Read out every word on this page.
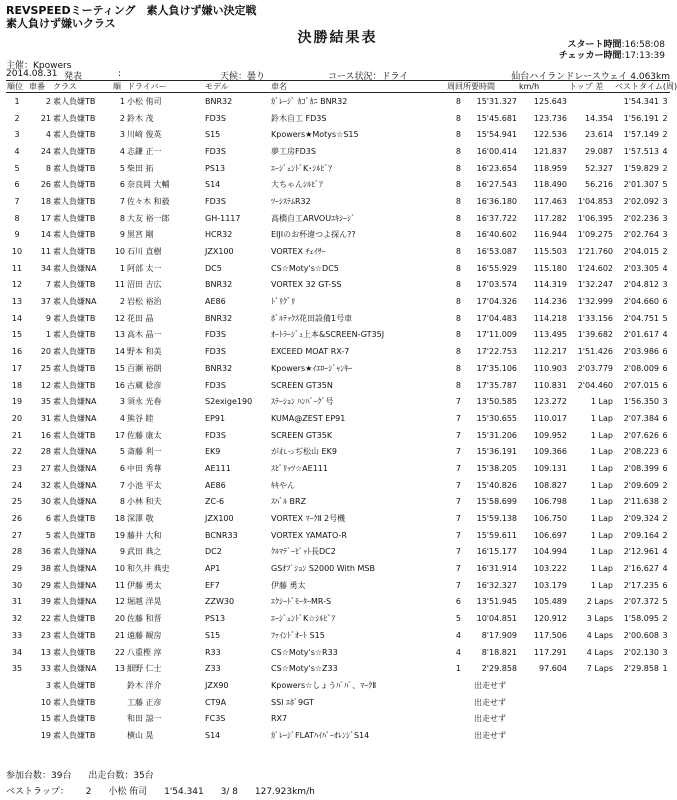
REVSPEEDミーティング　素人負けず嫌い決定戦
素人負けず嫌いクラス
決勝結果表	スタート時間:16:58:08
チェッカー時間:17:13:39
主催：Kpowers
2014.08.31 発表	:	天候：曇り	コース状況：ドライ	仙台ハイランドレースウェイ 4.063km
順位	車番	クラス	順	ドライバー	モデル	車名	周回	所要時間	km/h	トップ 差	ベストタイム(周)	
1	2	素人負嫌TB	1	小松 侑司	BNR32	ｶﾞﾚｰｼﾞ ｶｺﾞｶﾆ BNR32	8	15'31.327	125.643		1'54.341	3
2	21	素人負嫌TB	2	鈴木 茂	FD3S	鈴木自工 FD3S	8	15'45.681	123.736	14.354	1'56.191	2
3	4	素人負嫌TB	3	川崎 俊英	S15	Kpowers★Motys☆S15	8	15'54.941	122.536	23.614	1'57.149	2
4	24	素人負嫌TB	4	志鎌 正一	FD3S	夢工房FD3S	8	16'00.414	121.837	29.087	1'57.513	4
5	8	素人負嫌TB	5	柴田 拓	PS13	ｴｰｼﾞｪﾝﾄﾞK･ｼﾙﾋﾞｱ	8	16'23.654	118.959	52.327	1'59.829	2
6	26	素人負嫌TB	6	奈良岡 大輔	S14	大ちゃんｼﾙﾋﾞｱ	8	16'27.543	118.490	56.216	2'01.307	5
7	18	素人負嫌TB	7	佐々木 和毅	FD3S	ﾂｰｼｽﾃﾑR32	8	16'36.180	117.463	1'04.853	2'02.092	3
8	17	素人負嫌TB	8	大友 裕一郎	GH-1117	高橋自工ARVOUｴｷｼｰｼﾞ	8	16'37.722	117.282	1'06.395	2'02.236	3
9	14	素人負嫌TB	9	黒宮 剛	HCR32	EIJIのお杯違つよ探ん??	8	16'40.602	116.944	1'09.275	2'02.764	3
10	11	素人負嫌TB	10	石川 直樹	JZX100	VORTEX ﾁｪｲｻｰ	8	16'53.087	115.503	1'21.760	2'04.015	2
11	34	素人負嫌NA	1	阿部 太一	DC5	CS☆Moty's☆DC5	8	16'55.929	115.180	1'24.602	2'03.305	4
12	7	素人負嫌TB	11	沼田 吉広	BNR32	VORTEX 32 GT-SS	8	17'03.574	114.319	1'32.247	2'04.812	3
13	37	素人負嫌NA	2	岩松 裕治	AE86	ﾄﾞﾘｸﾞﾘ	8	17'04.326	114.236	1'32.999	2'04.660	6
14	9	素人負嫌TB	12	花田 晶	BNR32	ﾎﾞﾙﾃｯｸｽ花田設備1号車	8	17'04.483	114.218	1'33.156	2'04.751	5
15	1	素人負嫌TB	13	高木 晶一	FD3S	ｵｰﾄﾗｰｼﾞｭ上本&SCREEN-GT35J	8	17'11.009	113.495	1'39.682	2'01.617	4
16	20	素人負嫌TB	14	野本 和美	FD3S	EXCEED MOAT RX-7	8	17'22.753	112.217	1'51.426	2'03.986	6
17	25	素人負嫌TB	15	百瀬 裕朗	BNR32	Kpowers★ｲｴﾛｰｼﾞｬﾝｷｰ	8	17'35.106	110.903	2'03.779	2'08.009	6
18	12	素人負嫌TB	16	古蔵 稔彦	FD3S	SCREEN GT35N	8	17'35.787	110.831	2'04.460	2'07.015	6
19	35	素人負嫌NA	3	須永 光春	S2exige190	ｽﾃｰｼｮﾝ ﾊﾝﾊﾞｰｸﾞ号	7	13'50.585	123.272	1 Lap	1'56.350	3
20	31	素人負嫌NA	4	熊谷 睦	EP91	KUMA@ZEST EP91	7	15'30.655	110.017	1 Lap	2'07.384	6
21	16	素人負嫌TB	17	佐藤 康太	FD3S	SCREEN GT35K	7	15'31.206	109.952	1 Lap	2'07.626	6
22	28	素人負嫌NA	5	斎藤 利一	EK9	がれっぢ松山 EK9	7	15'36.191	109.366	1 Lap	2'08.223	6
23	27	素人負嫌NA	6	中田 秀尊	AE111	ｽﾋﾟﾘｯﾂ☆AE111	7	15'38.205	109.131	1 Lap	2'08.399	6
24	32	素人負嫌NA	7	小池 平太	AE86	ｷｷやん	7	15'40.826	108.827	1 Lap	2'09.609	2
25	30	素人負嫌NA	8	小林 和夫	ZC-6	ｽﾊﾞﾙ BRZ	7	15'58.699	106.798	1 Lap	2'11.638	2
26	6	素人負嫌TB	18	深澤 敬	JZX100	VORTEX ﾏｰｸⅡ 2号機	7	15'59.138	106.750	1 Lap	2'09.324	2
27	5	素人負嫌TB	19	藤井 大和	BCNR33	VORTEX YAMATO-R	7	15'59.611	106.697	1 Lap	2'09.164	2
28	36	素人負嫌NA	9	武田 典之	DC2	ｸﾙﾏﾃﾞｰﾋﾟｯﾄ長DC2	7	16'15.177	104.994	1 Lap	2'12.961	4
29	38	素人負嫌NA	10	和久井 典史	AP1	GSｵﾌﾟｼｮﾝ S2000 With MSB	7	16'31.914	103.222	1 Lap	2'16.627	4
30	29	素人負嫌NA	11	伊藤 勇太	EF7	伊藤 勇太	7	16'32.327	103.179	1 Lap	2'17.235	6
31	39	素人負嫌NA	12	堀越 洋晃	ZZW30	ｴｸｼｰﾄﾞﾓｰﾀｰMR-S	6	13'51.945	105.489	2 Laps	2'07.372	5
32	22	素人負嫌TB	20	佐藤 和晋	PS13	ｴｰｼﾞｪﾝﾄﾞK☆ｼﾙﾋﾞｱ	5	10'04.851	120.912	3 Laps	1'58.095	2
33	23	素人負嫌TB	21	遠藤 観房	S15	ﾌｧｲﾝﾄﾞｵｰﾄ S15	4	8'17.909	117.506	4 Laps	2'00.608	3
34	13	素人負嫌TB	22	八重樫 淳	R33	CS☆Moty's☆R33	4	8'18.821	117.291	4 Laps	2'02.130	3
35	33	素人負嫌NA	13	細野 仁士	Z33	CS☆Moty's☆Z33	1	2'29.858	97.604	7 Laps	2'29.858	1
	3	素人負嫌TB		鈴木 洋介	JZX90	Kpowers☆しょうﾊﾟﾊﾟ、ﾏｰｸⅡ		出走せず				
	10	素人負嫌TB		工藤 正彦	CT9A	SSI ｴﾎﾞ9GT		出走せず				
	15	素人負嫌TB		和田 諒一	FC3S	RX7		出走せず				
	19	素人負嫌TB		横山 晃	S14	ｶﾞﾚｰｼﾞFLATﾊｲﾊﾟｰｵﾚﾝｼﾞS14		出走せず				
参加台数：39台 出走台数：35台
ベストラップ： 2 小松 侑司 1'54.341 3/ 8 127.923km/h
